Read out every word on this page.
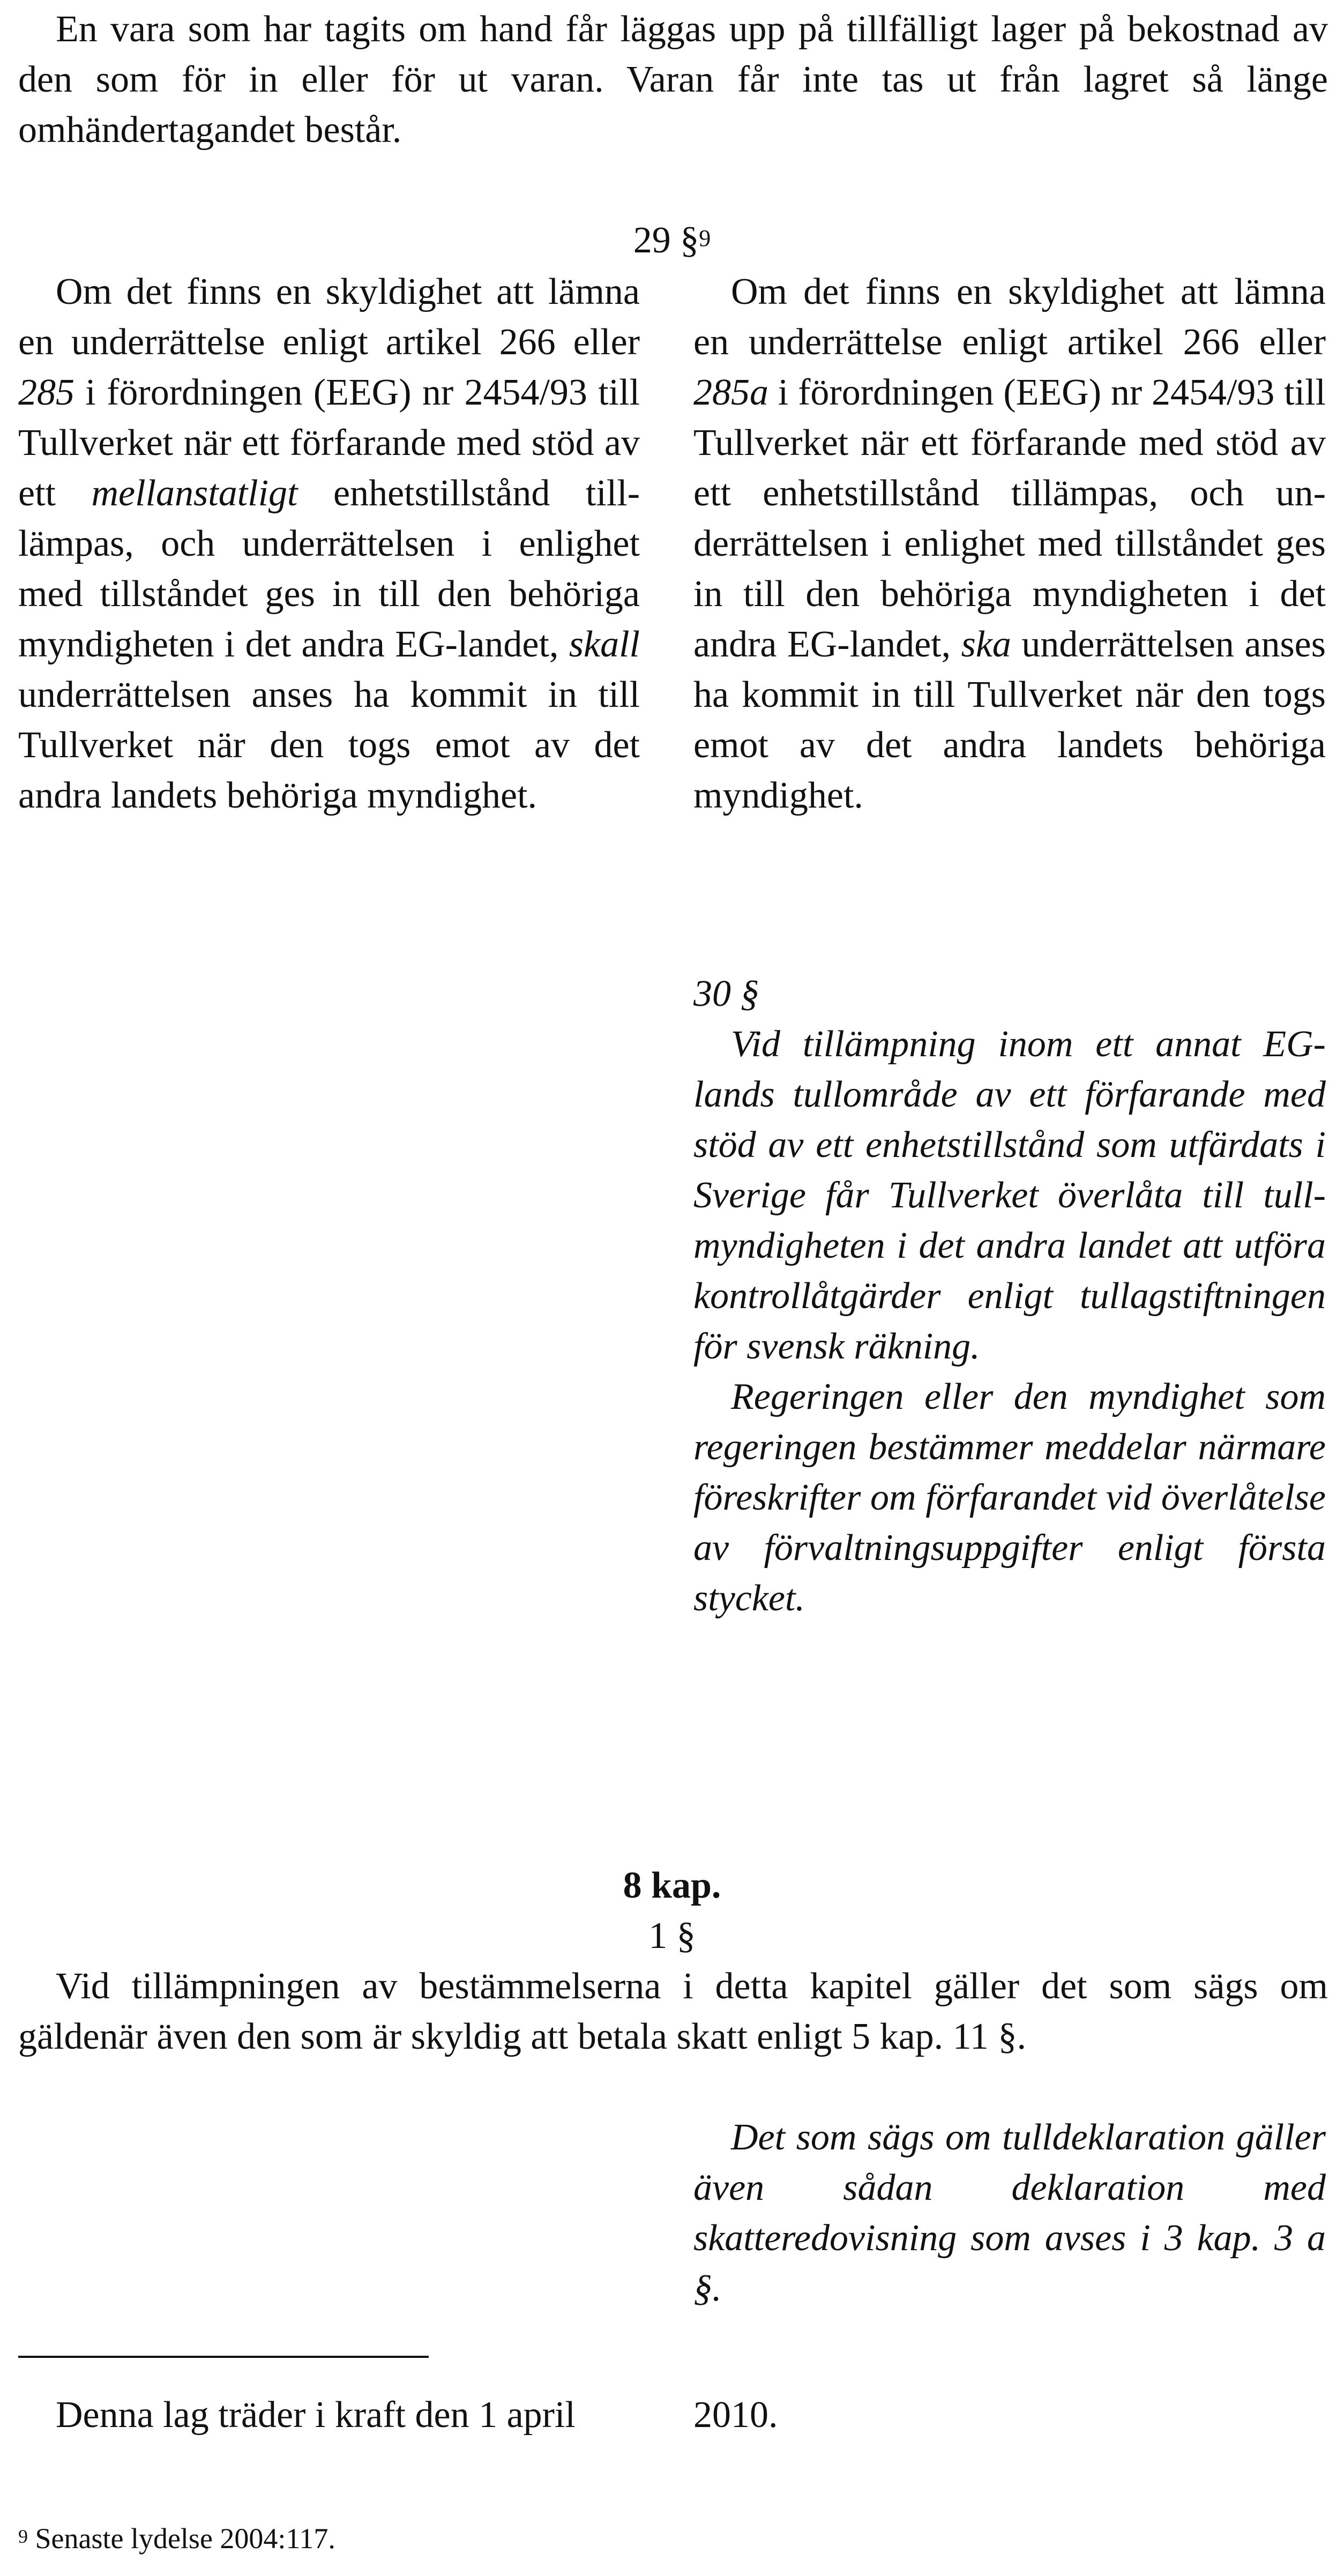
En vara som har tagits om hand får läggas upp på tillfälligt lager på bekostnad av den som för in eller för ut varan. Varan får inte tas ut från lagret så länge omhändertagandet består.

29 §$^9$

Om det finns en skyldighet att lämna en underrättelse enligt artikel 266 eller 285 i förordningen (EEG) nr 2454/93 till Tullverket när ett förfarande med stöd av ett mellanstatligt enhetstillstånd tilllämpas, och underrättelsen i enlighet med tillståndet ges in till den behöriga myndigheten i det andra EG-landet, skall underrättelsen anses ha kommit in till Tullverket när den togs emot av det andra landets behöriga myndighet.

Om det finns en skyldighet att lämna en underrättelse enligt artikel 266 eller 285a i förordningen (EEG) nr 2454/93 till Tullverket när ett förfarande med stöd av ett enhetstillstånd tillämpas, och underrättelsen i enlighet med tillståndet ges in till den behöriga myndigheten i det andra EG-landet, ska underrättelsen anses ha kommit in till Tullverket när den togs emot av det andra landets behöriga myndighet.

30 §

Vid tillämpning inom ett annat EG-lands tullområde av ett förfarande med stöd av ett enhetstillstånd som utfärdats i Sverige får Tullverket överlåta till tullmyndigheten i det andra landet att utföra kontrollåtgärder enligt tullagstiftningen för svensk räkning.

Regeringen eller den myndighet som regeringen bestämmer meddelar närmare föreskrifter om förfarandet vid överlåtelse av förvaltningsuppgifter enligt första stycket.

8 kap.
1 §

Vid tillämpningen av bestämmelserna i detta kapitel gäller det som sägs om gäldenär även den som är skyldig att betala skatt enligt 5 kap. 11 §.

Det som sägs om tulldeklaration gäller även sådan deklaration med skatteredovisning som avses i 3 kap. 3 a §.

Denna lag träder i kraft den 1 april	2010.
$^9$ Senaste lydelse 2004:117.
